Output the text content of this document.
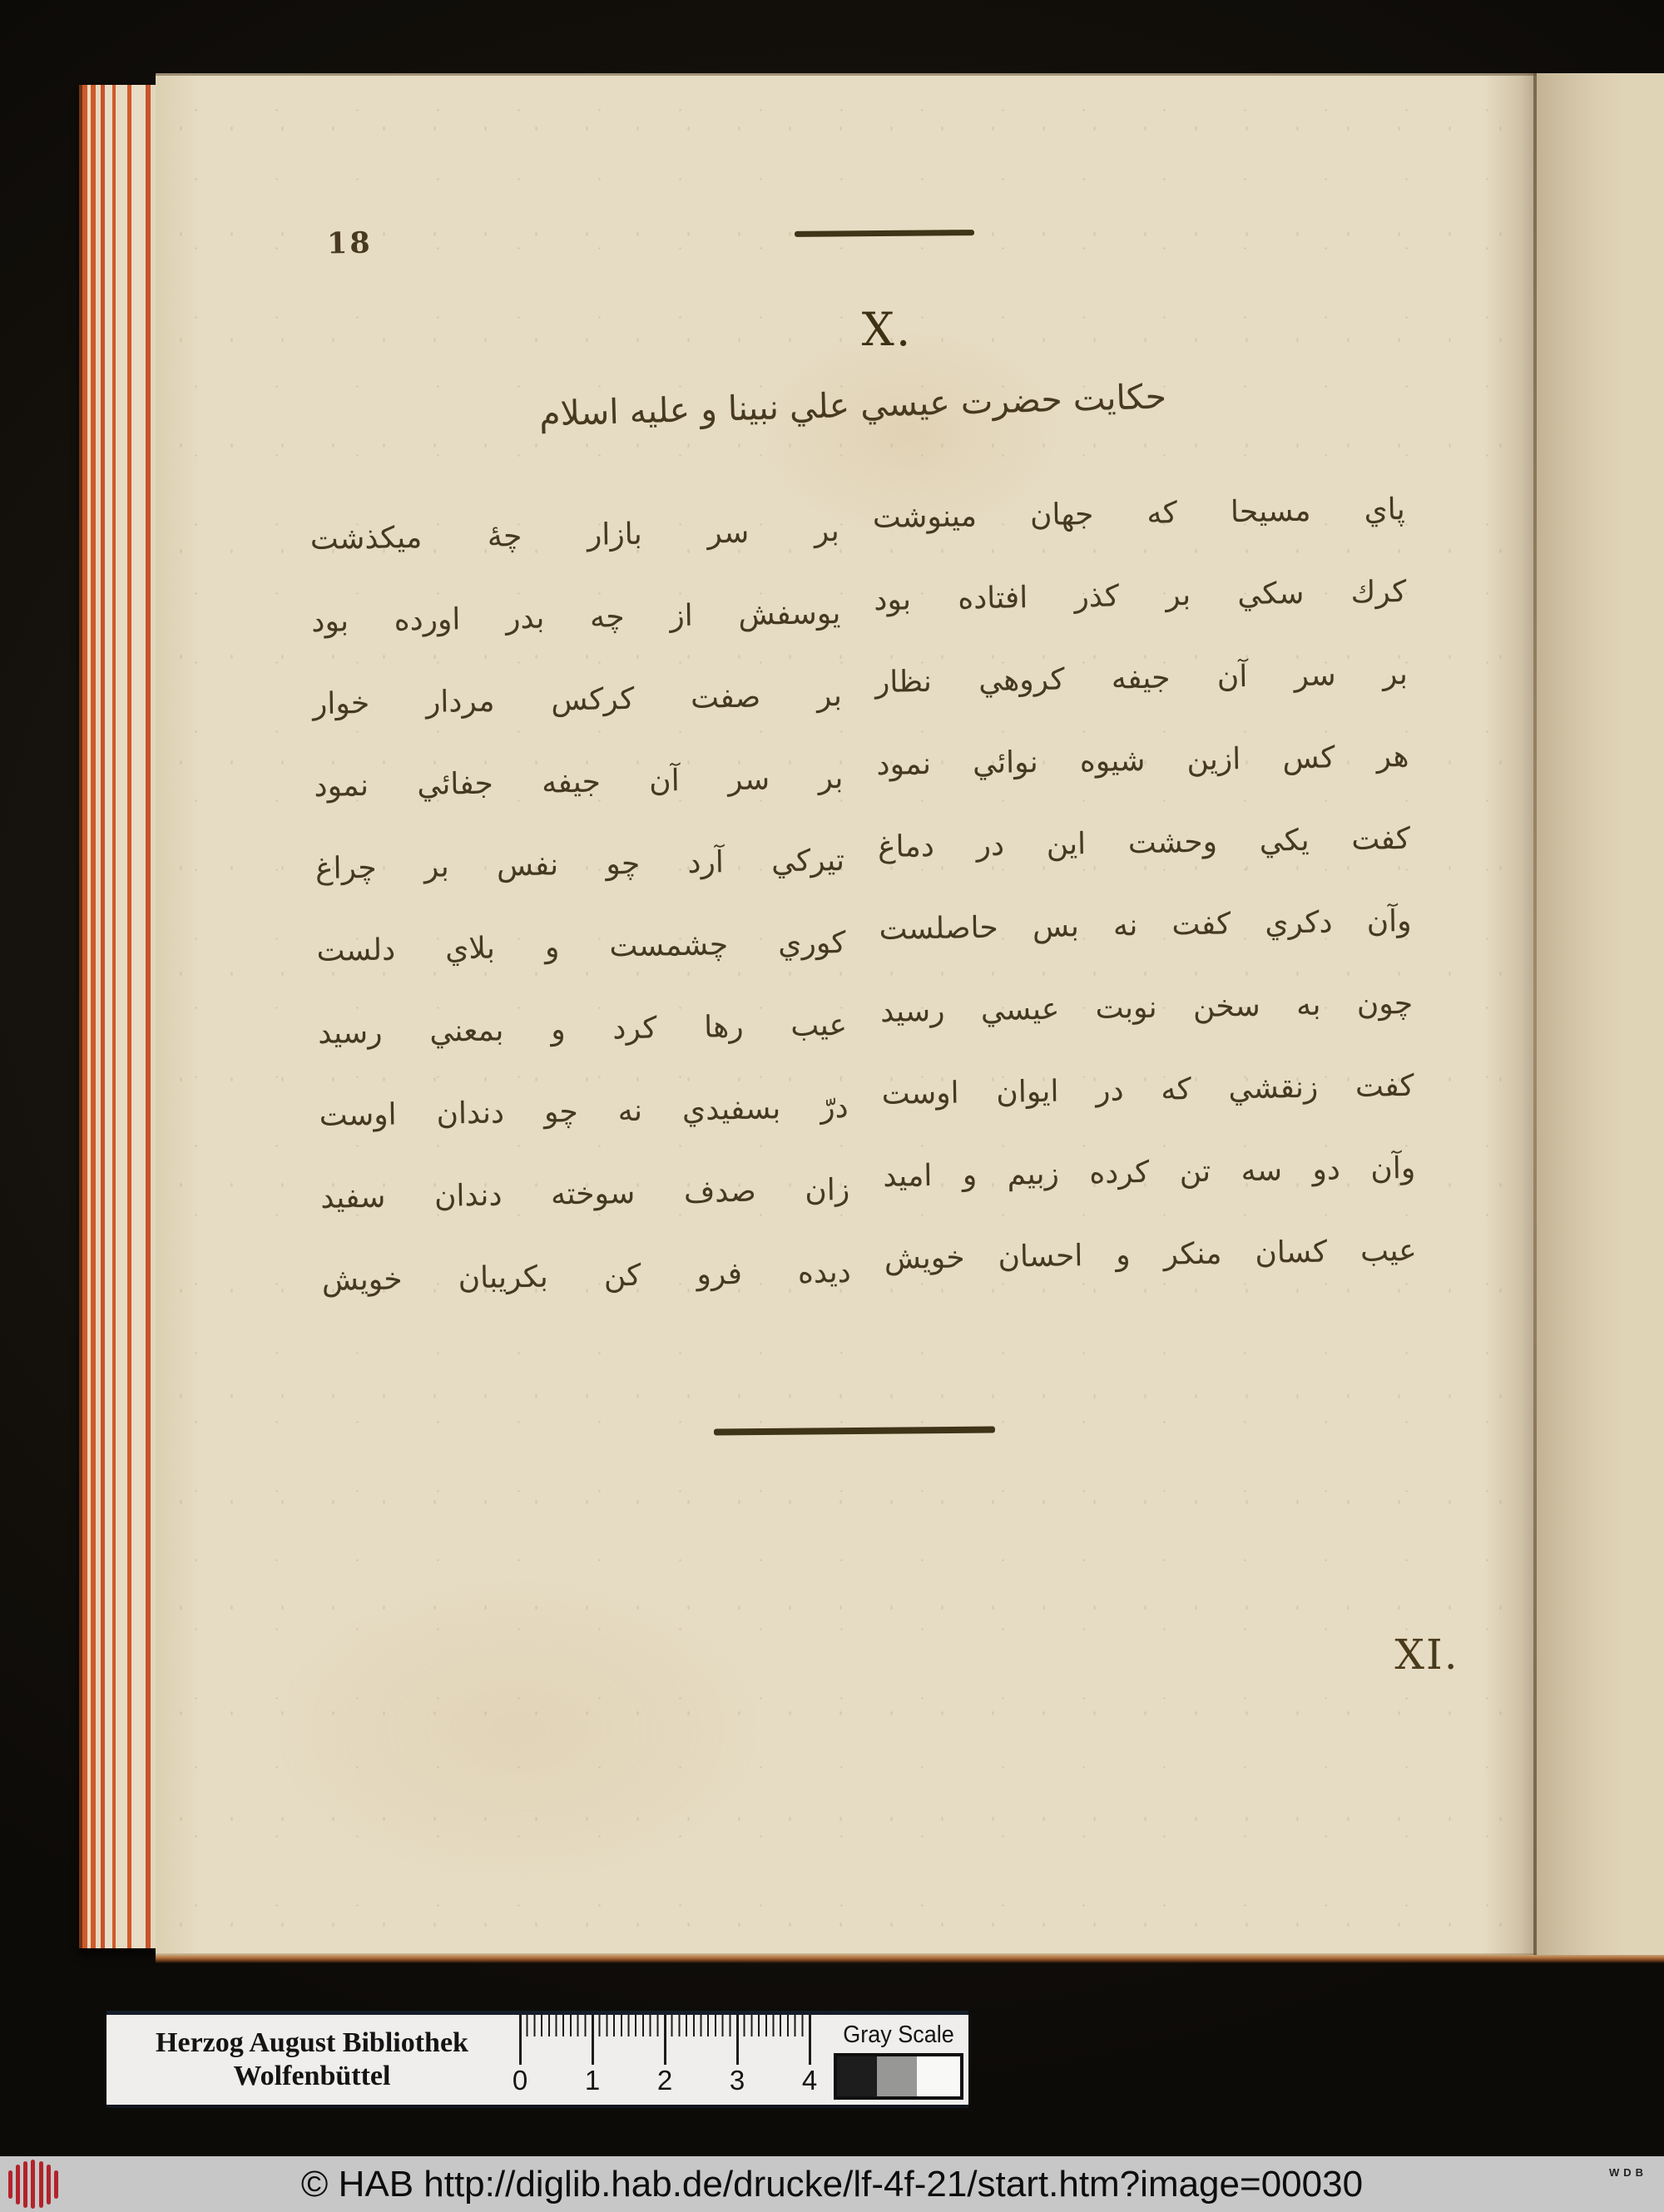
18
X.
حكايت حضرت عيسي علي نبينا و عليه اسلام
پاي مسيحا كه جهان مينوشت
كرك سكي بر كذر افتاده بود
بر سر آن جيفه كروهي نظار
هر كس ازين شيوه نوائي نمود
كفت يكي وحشت اين در دماغ
وآن دكري كفت نه بس حاصلست
چون به سخن نوبت عيسي رسيد
كفت زنقشي كه در ايوان اوست
وآن دو سه تن كرده زبيم و اميد
عيب كسان منكر و احسان خويش
بر سر بازار چهٔ ميكذشت
يوسفش از چه بدر اورده بود
بر صفت كركس مردار خوار
بر سر آن جيفه جفائي نمود
تيركي آرد چو نفس بر چراغ
كوري چشمست و بلاي دلست
عيب رها كرد و بمعني رسيد
درّ بسفيدي نه چو دندان اوست
زان صدف سوخته دندان سفيد
ديده فرو كن بكريبان خويش
XI.
Herzog August Bibliothek
Wolfenbüttel	0 1 2 3 4
Gray Scale
© HAB http://diglib.hab.de/drucke/lf-4f-21/start.htm?image=00030	WDB
